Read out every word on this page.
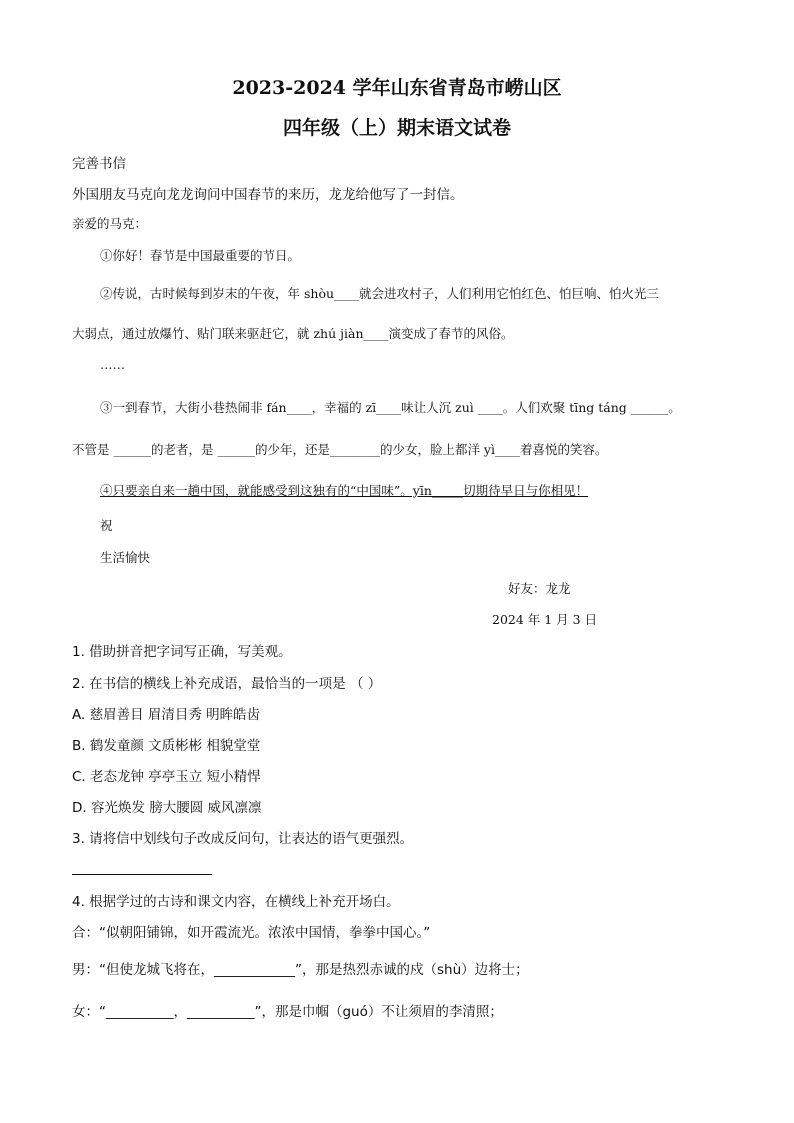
2023-2024 学年山东省青岛市崂山区
四年级（上）期末语文试卷
完善书信
外国朋友马克向龙龙询问中国春节的来历，龙龙给他写了一封信。
亲爱的马克：
①你好！春节是中国最重要的节日。
②传说，古时候每到岁末的午夜，年 shòu____就会进攻村子，人们利用它怕红色、怕巨响、怕火光三
大弱点，通过放爆竹、贴门联来驱赶它，就 zhú jiàn____演变成了春节的风俗。
……
③一到春节，大街小巷热闹非 fán____，幸福的 zī____味让人沉 zuì ____。人们欢聚 tīng táng ______。
不管是 ______的老者，是 ______的少年，还是________的少女，脸上都洋 yì____着喜悦的笑容。
④只要亲自来一趟中国，就能感受到这独有的“中国味”。yīn_____切期待早日与你相见！
祝
生活愉快
好友：龙龙
2024 年 1 月 3 日
1. 借助拼音把字词写正确，写美观。
2. 在书信的横线上补充成语，最恰当的一项是 （ ）
A. 慈眉善目 眉清目秀 明眸皓齿
B. 鹤发童颜 文质彬彬 相貌堂堂
C. 老态龙钟 亭亭玉立 短小精悍
D. 容光焕发 膀大腰圆 威风凛凛
3. 请将信中划线句子改成反问句，让表达的语气更强烈。
4. 根据学过的古诗和课文内容，在横线上补充开场白。
合：“似朝阳铺锦，如开霞流光。浓浓中国情，拳拳中国心。”
男：“但使龙城飞将在，____________”，那是热烈赤诚的戍（shù）边将士；
女：“__________，__________”，那是巾帼（guó）不让须眉的李清照；
